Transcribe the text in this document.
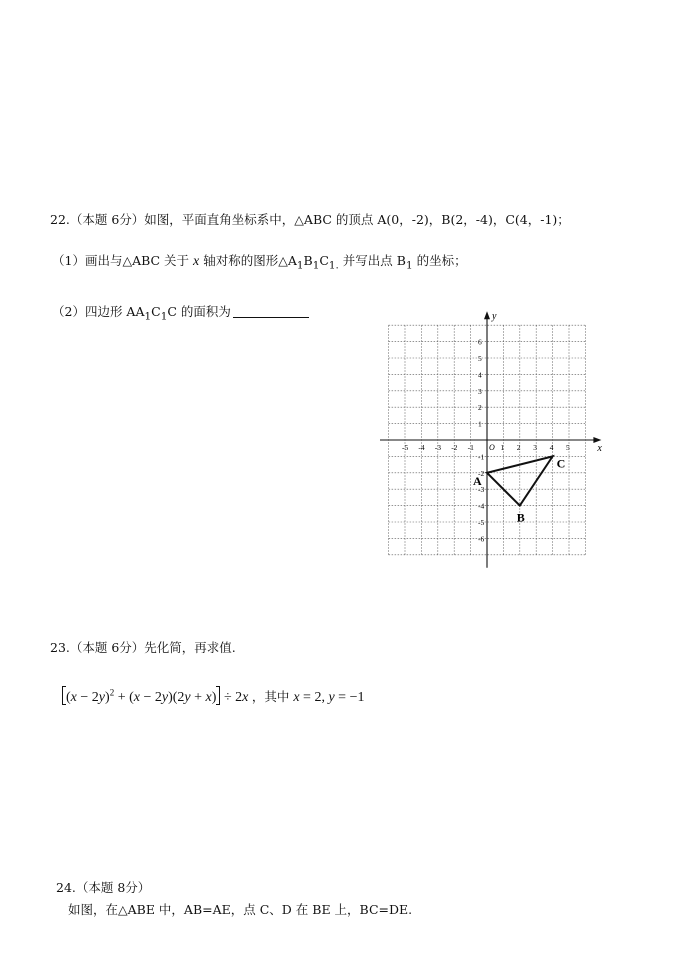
22.（本题 6分）如图，平面直角坐标系中，△ABC 的顶点 A(0，-2)，B(2，-4)，C(4，-1)；
（1）画出与△ABC 关于 x 轴对称的图形$\triangle A_1B_1C_{1.}$ 并写出点 $B_1$ 的坐标；
（2）四边形 $AA_1C_1C$ 的面积为
x
y
O
-5 -4 -3 -2 -1	1 2 3 4 5
6
5
4
3
2
1
-1
-2
-3
-4
-5
-6
A
B
C
23.（本题 6分）先化简，再求值.
$(x - 2y)^2 + (x - 2y)(2y + x) \div 2x$ ，其中 x = 2, y = −1
24.（本题 8分）
如图，在△ABE 中，AB=AE，点 C、D 在 BE 上，BC=DE.
